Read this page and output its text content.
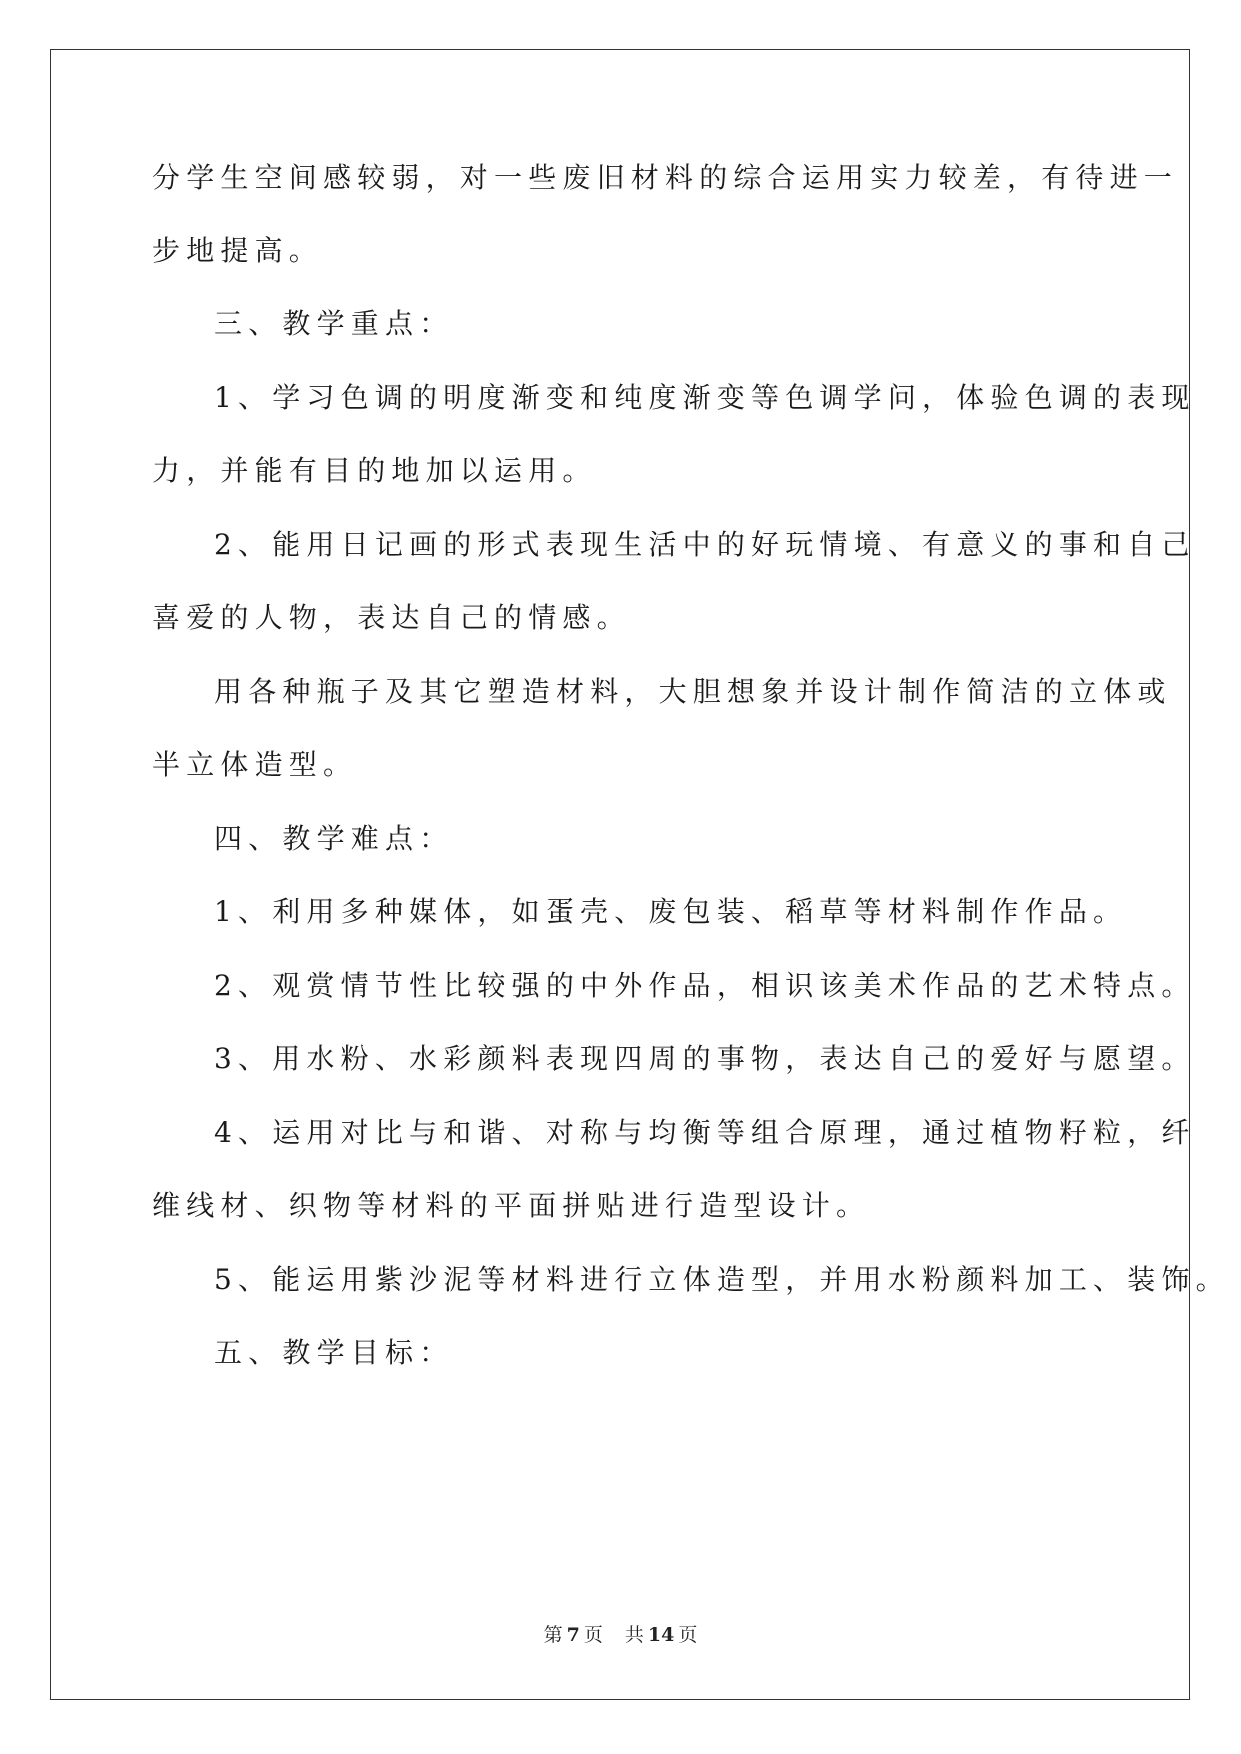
分学生空间感较弱，对一些废旧材料的综合运用实力较差，有待进一
步地提高。
三、教学重点：
1、学习色调的明度渐变和纯度渐变等色调学问，体验色调的表现
力，并能有目的地加以运用。
2、能用日记画的形式表现生活中的好玩情境、有意义的事和自己
喜爱的人物，表达自己的情感。
用各种瓶子及其它塑造材料，大胆想象并设计制作简洁的立体或
半立体造型。
四、教学难点：
1、利用多种媒体，如蛋壳、废包装、稻草等材料制作作品。
2、观赏情节性比较强的中外作品，相识该美术作品的艺术特点。
3、用水粉、水彩颜料表现四周的事物，表达自己的爱好与愿望。
4、运用对比与和谐、对称与均衡等组合原理，通过植物籽粒，纤
维线材、织物等材料的平面拼贴进行造型设计。
5、能运用紫沙泥等材料进行立体造型，并用水粉颜料加工、装饰。
五、教学目标：
第 7 页 共 14 页
